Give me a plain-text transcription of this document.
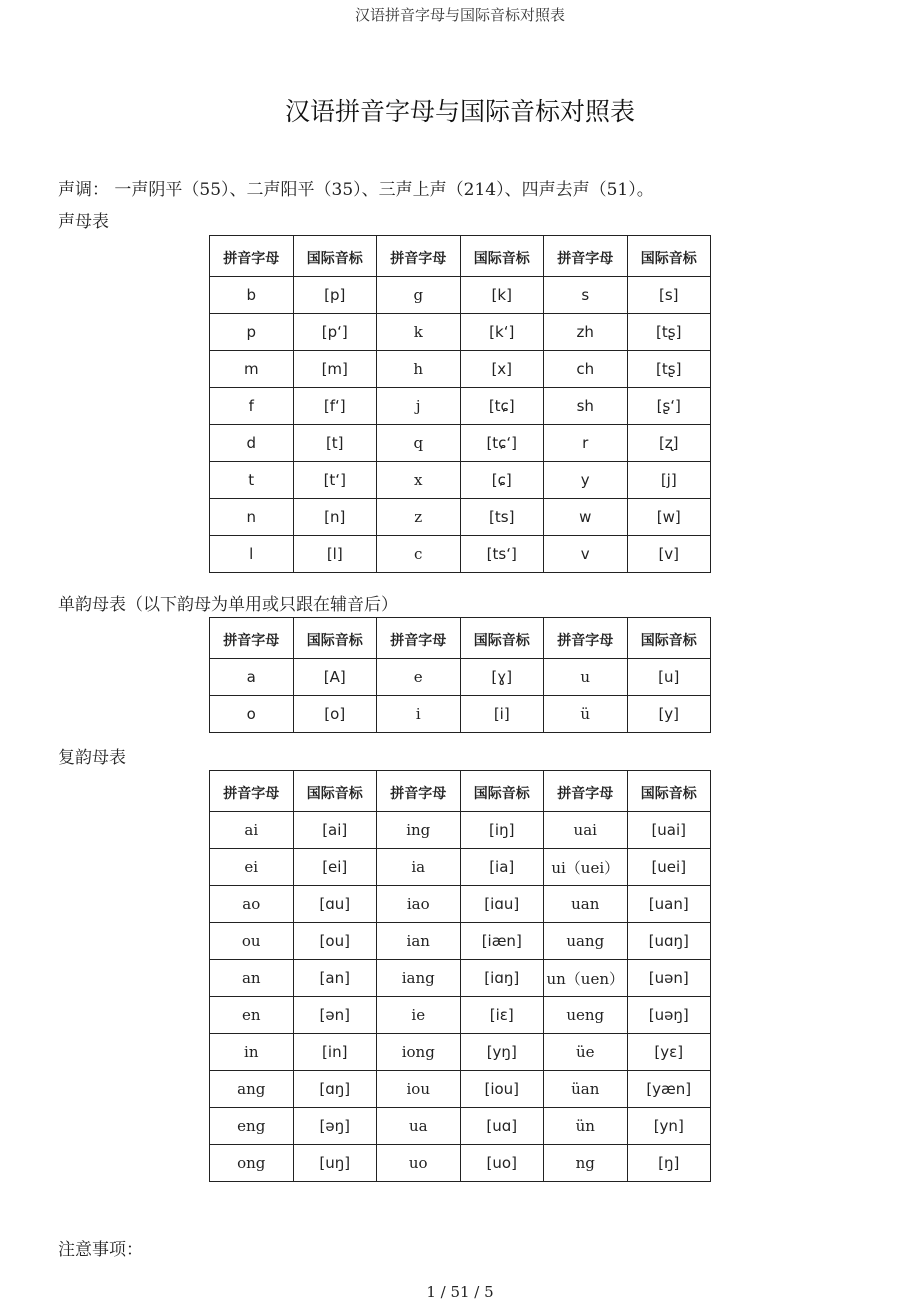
汉语拼音字母与国际音标对照表
汉语拼音字母与国际音标对照表
声调： 一声阴平（55）、二声阳平（35）、三声上声（214）、四声去声（51）。
声母表
拼音字母	国际音标	拼音字母	国际音标	拼音字母	国际音标
b	[p]	g	[k]	s	[s]
p	[p‘]	k	[k‘]	zh	[tʂ]
m	[m]	h	[x]	ch	[tʂ]
f	[f‘]	j	[tɕ]	sh	[ʂ‘]
d	[t]	q	[tɕ‘]	r	[ʐ]
t	[t‘]	x	[ɕ]	y	[j]
n	[n]	z	[ts]	w	[w]
l	[l]	c	[ts‘]	v	[v]
单韵母表（以下韵母为单用或只跟在辅音后）
拼音字母	国际音标	拼音字母	国际音标	拼音字母	国际音标
a	[A]	e	[ɣ]	u	[u]
o	[o]	i	[i]	ü	[y]
复韵母表
拼音字母	国际音标	拼音字母	国际音标	拼音字母	国际音标
ai	[ai]	ing	[iŋ]	uai	[uai]
ei	[ei]	ia	[ia]	ui（uei）	[uei]
ao	[ɑu]	iao	[iɑu]	uan	[uan]
ou	[ou]	ian	[iæn]	uang	[uɑŋ]
an	[an]	iang	[iɑŋ]	un（uen）	[uən]
en	[ən]	ie	[iɛ]	ueng	[uəŋ]
in	[in]	iong	[yŋ]	üe	[yɛ]
ang	[ɑŋ]	iou	[iou]	üan	[yæn]
eng	[əŋ]	ua	[uɑ]	ün	[yn]
ong	[uŋ]	uo	[uo]	ng	[ŋ]
注意事项：
1 / 51 / 5
